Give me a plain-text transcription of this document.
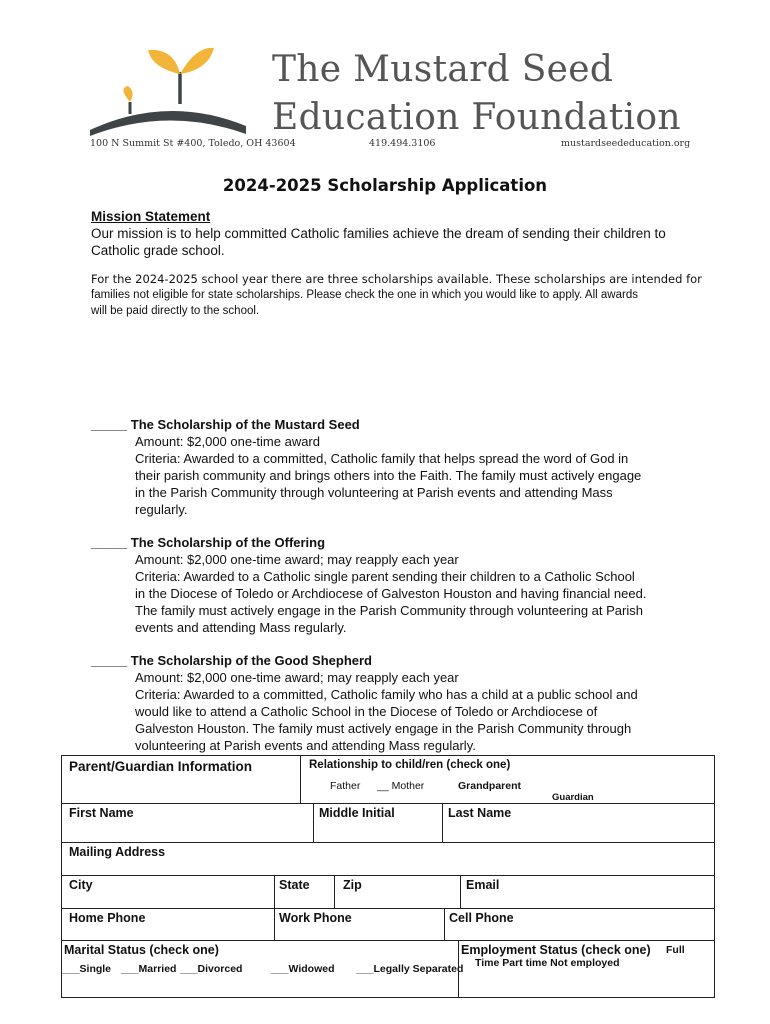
The Mustard Seed
Education Foundation
100 N Summit St #400, Toledo, OH 43604	419.494.3106	mustardseededucation.org
2024-2025 Scholarship Application
Mission Statement
Our mission is to help committed Catholic families achieve the dream of sending their children to
Catholic grade school.
For the 2024-2025 school year there are three scholarships available. These scholarships are intended for
families not eligible for state scholarships. Please check the one in which you would like to apply. All awards
will be paid directly to the school.
_____ The Scholarship of the Mustard Seed
Amount: $2,000 one-time award
Criteria: Awarded to a committed, Catholic family that helps spread the word of God in
their parish community and brings others into the Faith. The family must actively engage
in the Parish Community through volunteering at Parish events and attending Mass
regularly.
_____ The Scholarship of the Offering
Amount: $2,000 one-time award; may reapply each year
Criteria: Awarded to a Catholic single parent sending their children to a Catholic School
in the Diocese of Toledo or Archdiocese of Galveston Houston and having financial need.
The family must actively engage in the Parish Community through volunteering at Parish
events and attending Mass regularly.
_____ The Scholarship of the Good Shepherd
Amount: $2,000 one-time award; may reapply each year
Criteria: Awarded to a committed, Catholic family who has a child at a public school and
would like to attend a Catholic School in the Diocese of Toledo or Archdiocese of
Galveston Houston. The family must actively engage in the Parish Community through
volunteering at Parish events and attending Mass regularly.
Parent/Guardian Information	Relationship to child/ren (check one)
Father __ Mother	Grandparent
Guardian
First Name	Middle Initial	Last Name
Mailing Address
City	State	Zip	Email
Home Phone	Work Phone	Cell Phone
Marital Status (check one)
___Single ___Married ___Divorced	___Widowed ___Legally Separated
Employment Status (check one) Full
Time Part time Not employed
